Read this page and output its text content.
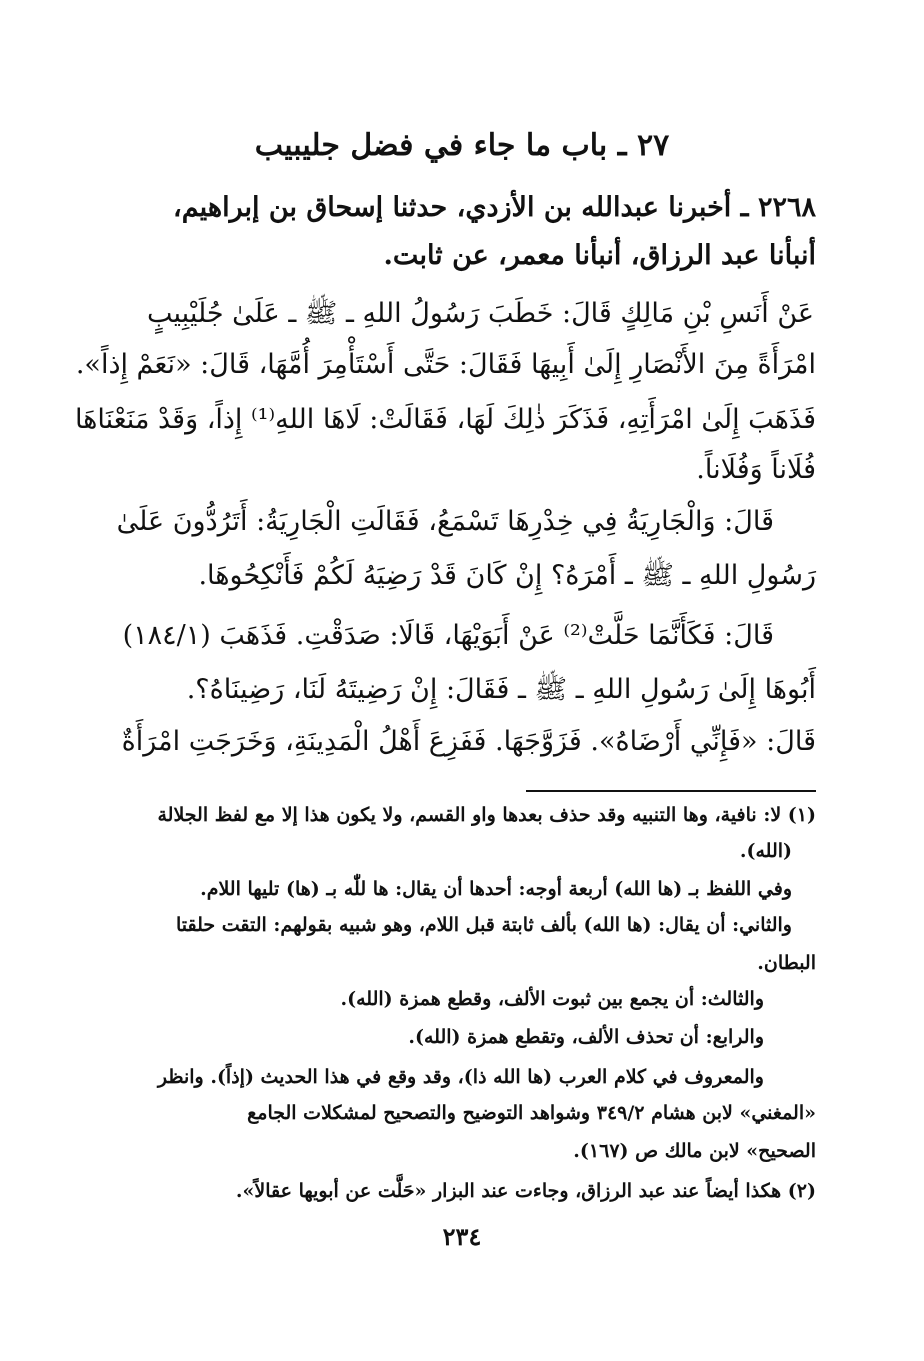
٢٧ ـ باب ما جاء في فضل جليبيب
٢٢٦٨ ـ أخبرنا عبدالله بن الأزدي، حدثنا إسحاق بن إبراهيم،
أنبأنا عبد الرزاق، أنبأنا معمر، عن ثابت.
عَنْ أَنَسِ بْنِ مَالِكٍ قَالَ: خَطَبَ رَسُولُ اللهِ ـ ﷺ ـ عَلَىٰ جُلَيْبِيبٍ
امْرَأَةً مِنَ الأَنْصَارِ إِلَىٰ أَبِيهَا فَقَالَ: حَتَّى أَسْتَأْمِرَ أُمَّهَا، قَالَ: «نَعَمْ إِذاً».
فَذَهَبَ إِلَىٰ امْرَأَتِهِ، فَذَكَرَ ذٰلِكَ لَهَا، فَقَالَتْ: لَاهَا اللهِ⁽¹⁾ إِذاً، وَقَدْ مَنَعْنَاهَا
فُلَاناً وَفُلَاناً.
قَالَ: وَالْجَارِيَةُ فِي خِدْرِهَا تَسْمَعُ، فَقَالَتِ الْجَارِيَةُ: أَتَرُدُّونَ عَلَىٰ
رَسُولِ اللهِ ـ ﷺ ـ أَمْرَهُ؟ إِنْ كَانَ قَدْ رَضِيَهُ لَكُمْ فَأَنْكِحُوهَا.
قَالَ: فَكَأَنَّمَا حَلَّتْ⁽²⁾ عَنْ أَبَوَيْهَا، قَالَا: صَدَقْتِ. فَذَهَبَ (١٨٤/١)
أَبُوهَا إِلَىٰ رَسُولِ اللهِ ـ ﷺ ـ فَقَالَ: إِنْ رَضِيتَهُ لَنَا، رَضِينَاهُ؟.
قَالَ: «فَإِنِّي أَرْضَاهُ». فَزَوَّجَهَا. فَفَزِعَ أَهْلُ الْمَدِينَةِ، وَخَرَجَتِ امْرَأَةٌ
(١) لا: نافية، وها التنبيه وقد حذف بعدها واو القسم، ولا يكون هذا إلا مع لفظ الجلالة
(الله).
وفي اللفظ بـ (ها الله) أربعة أوجه: أحدها أن يقال: ها للّٰه بـ (ها) تليها اللام.
والثاني: أن يقال: (ها الله) بألف ثابتة قبل اللام، وهو شبيه بقولهم: التقت حلقتا
البطان.
والثالث: أن يجمع بين ثبوت الألف، وقطع همزة (الله).
والرابع: أن تحذف الألف، وتقطع همزة (الله).
والمعروف في كلام العرب (ها الله ذا)، وقد وقع في هذا الحديث (إذاً). وانظر
«المغني» لابن هشام ٣٤٩/٢ وشواهد التوضيح والتصحيح لمشكلات الجامع
الصحيح» لابن مالك ص (١٦٧).
(٢) هكذا أيضاً عند عبد الرزاق، وجاءت عند البزار «حَلَّت عن أبويها عقالاً».
٢٣٤
